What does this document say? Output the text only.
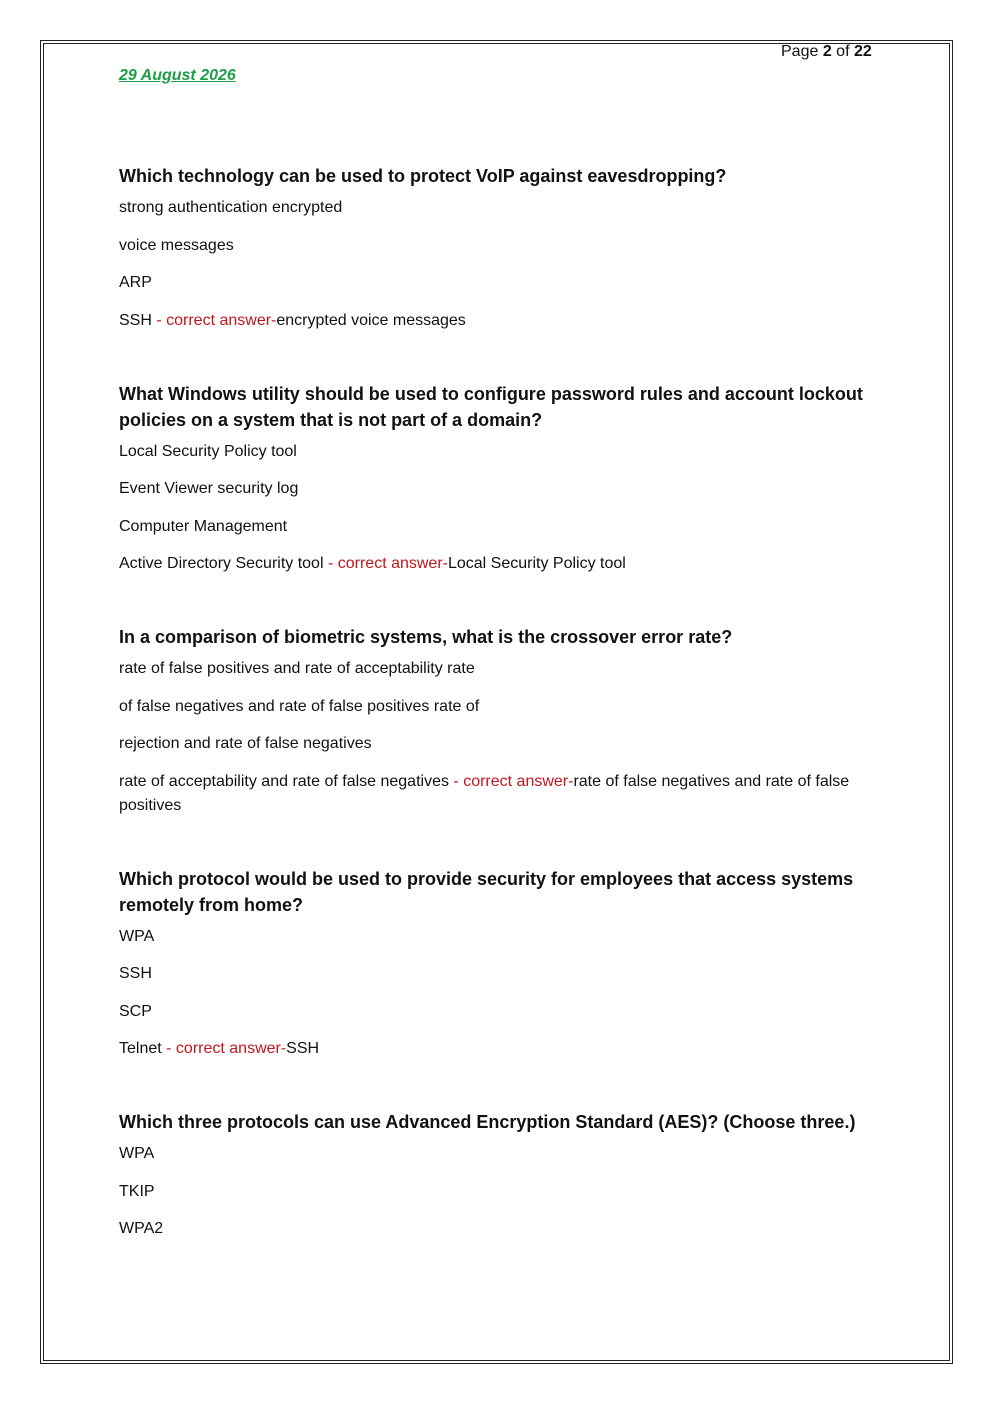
Page 2 of 22
29 August 2026

Which technology can be used to protect VoIP against eavesdropping?

strong authentication encrypted

voice messages

ARP

SSH - correct answer-encrypted voice messages

What Windows utility should be used to configure password rules and account lockout policies on a system that is not part of a domain?

Local Security Policy tool

Event Viewer security log

Computer Management

Active Directory Security tool - correct answer-Local Security Policy tool

In a comparison of biometric systems, what is the crossover error rate?

rate of false positives and rate of acceptability rate

of false negatives and rate of false positives rate of

rejection and rate of false negatives

rate of acceptability and rate of false negatives - correct answer-rate of false negatives and rate of false positives

Which protocol would be used to provide security for employees that access systems remotely from home?

WPA

SSH

SCP

Telnet - correct answer-SSH

Which three protocols can use Advanced Encryption Standard (AES)? (Choose three.)

WPA

TKIP

WPA2
